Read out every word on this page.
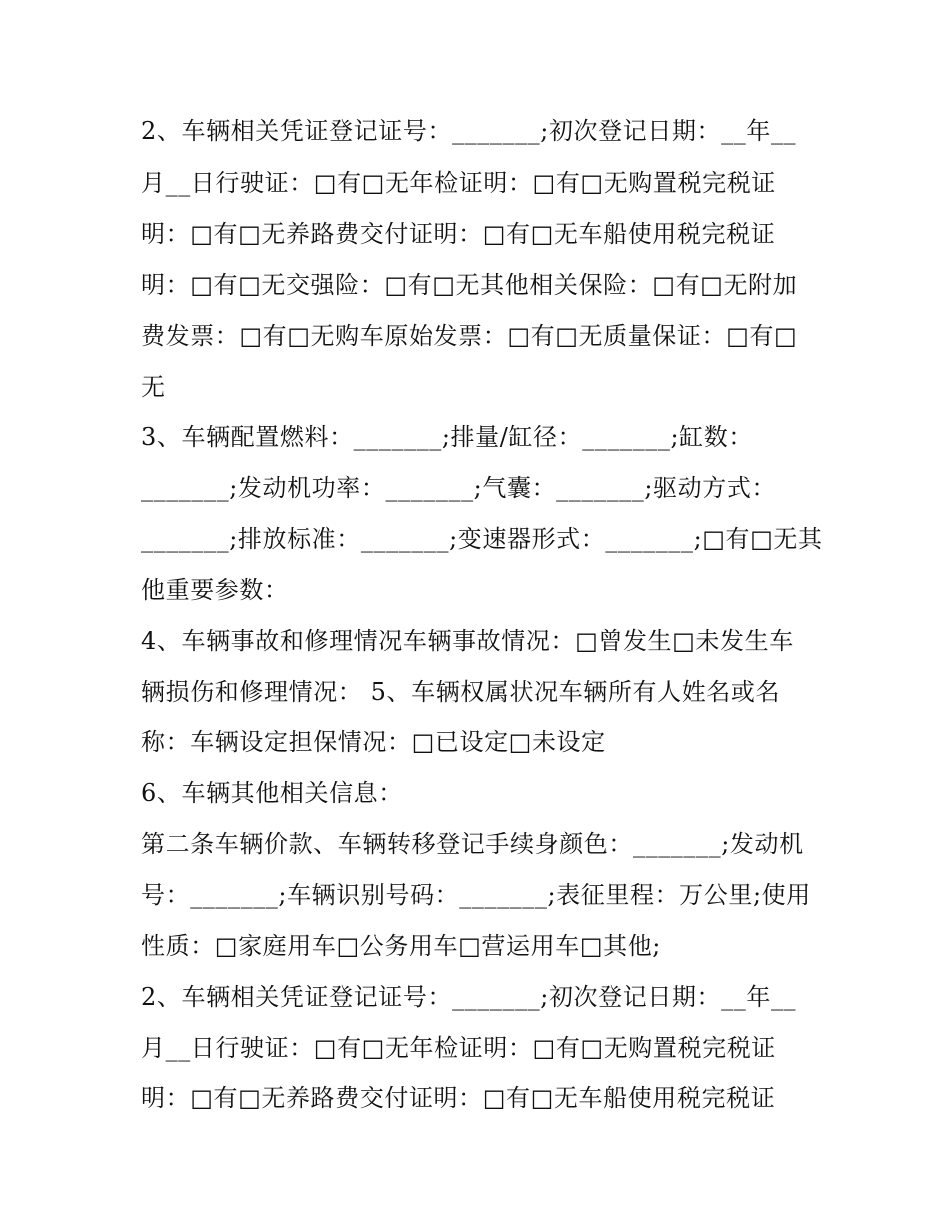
2、车辆相关凭证登记证号：_______;初次登记日期：__年__
月__日行驶证：□有□无年检证明：□有□无购置税完税证
明：□有□无养路费交付证明：□有□无车船使用税完税证
明：□有□无交强险：□有□无其他相关保险：□有□无附加
费发票：□有□无购车原始发票：□有□无质量保证：□有□
无
3、车辆配置燃料：_______;排量/缸径：_______;缸数：
_______;发动机功率：_______;气囊：_______;驱动方式：
_______;排放标准：_______;变速器形式：_______;□有□无其
他重要参数：
4、车辆事故和修理情况车辆事故情况：□曾发生□未发生车
辆损伤和修理情况： 5、车辆权属状况车辆所有人姓名或名
称：车辆设定担保情况：□已设定□未设定
6、车辆其他相关信息：
第二条车辆价款、车辆转移登记手续身颜色：_______;发动机
号：_______;车辆识别号码：_______;表征里程：万公里;使用
性质：□家庭用车□公务用车□营运用车□其他;
2、车辆相关凭证登记证号：_______;初次登记日期：__年__
月__日行驶证：□有□无年检证明：□有□无购置税完税证
明：□有□无养路费交付证明：□有□无车船使用税完税证
